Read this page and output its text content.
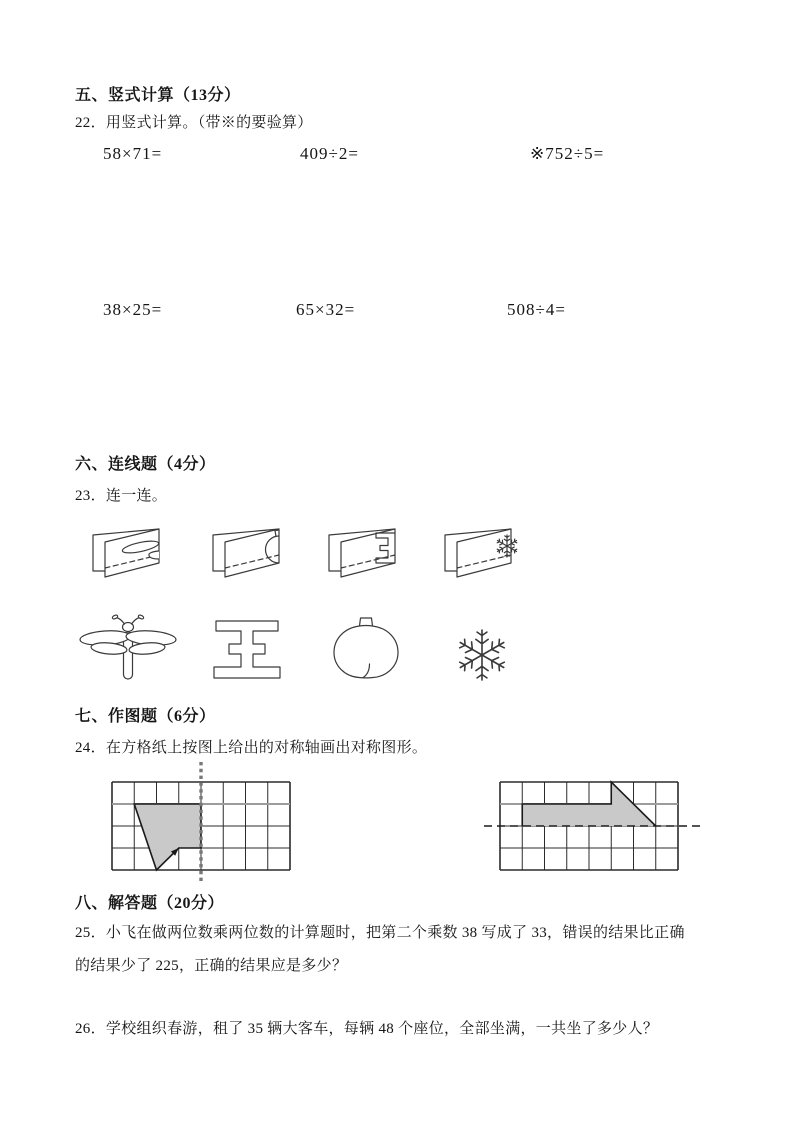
五、竖式计算（13分）
22．用竖式计算。（带※的要验算）
58×71=	409÷2=	※752÷5=
38×25=	65×32=	508÷4=
六、连线题（4分）
23．连一连。
七、作图题（6分）
24．在方格纸上按图上给出的对称轴画出对称图形。
八、解答题（20分）
25．小飞在做两位数乘两位数的计算题时，把第二个乘数 38 写成了 33，错误的结果比正确
的结果少了 225，正确的结果应是多少？
26．学校组织春游，租了 35 辆大客车，每辆 48 个座位，全部坐满，一共坐了多少人？
